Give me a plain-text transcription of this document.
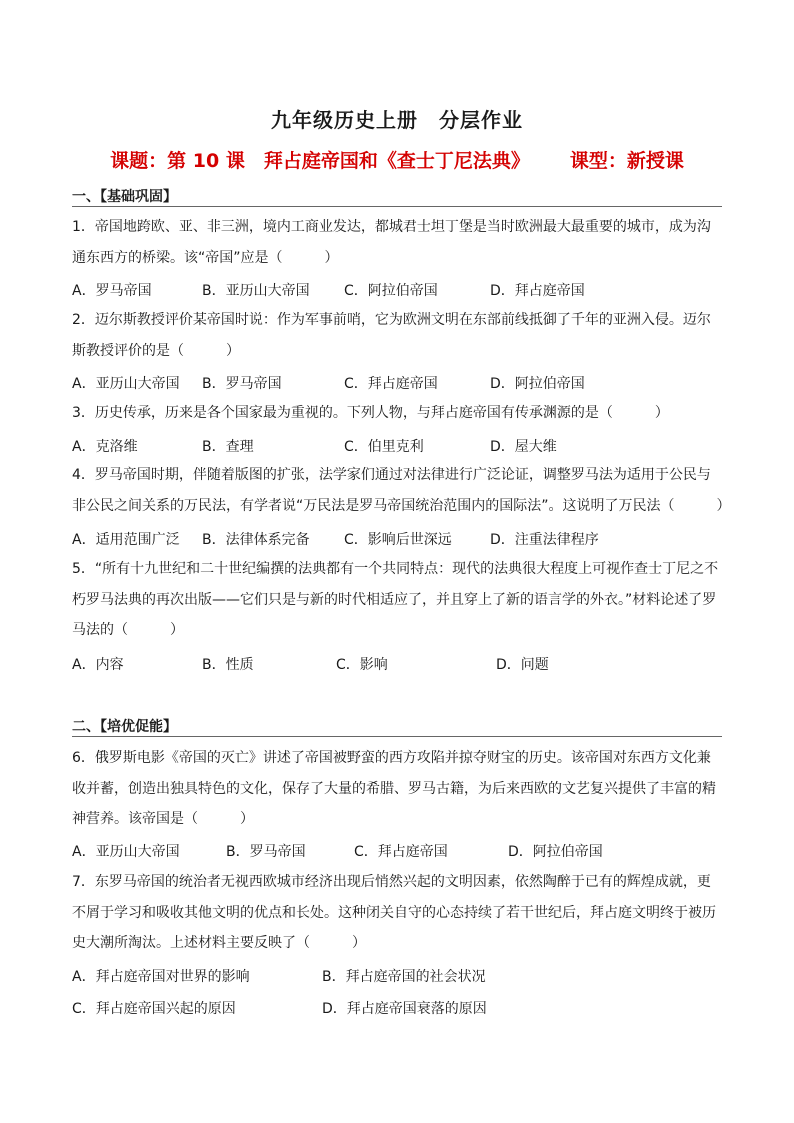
九年级历史上册　分层作业
课题：第 10 课　拜占庭帝国和《查士丁尼法典》 课型：新授课
一、【基础巩固】
1．帝国地跨欧、亚、非三洲，境内工商业发达，都城君士坦丁堡是当时欧洲最大最重要的城市，成为沟通东西方的桥梁。该“帝国”应是（　　　）
A．罗马帝国	B．亚历山大帝国 C．阿拉伯帝国	D．拜占庭帝国
2．迈尔斯教授评价某帝国时说：作为军事前哨，它为欧洲文明在东部前线抵御了千年的亚洲入侵。迈尔斯教授评价的是（　　　）
A．亚历山大帝国 B．罗马帝国	C．拜占庭帝国	D．阿拉伯帝国
3．历史传承，历来是各个国家最为重视的。下列人物，与拜占庭帝国有传承渊源的是（　　　）
A．克洛维	B．查理	C．伯里克利	D．屋大维
4．罗马帝国时期，伴随着版图的扩张，法学家们通过对法律进行广泛论证，调整罗马法为适用于公民与非公民之间关系的万民法，有学者说“万民法是罗马帝国统治范围内的国际法”。这说明了万民法（　　　）
A．适用范围广泛 B．法律体系完备 C．影响后世深远	D．注重法律程序
5．“所有十九世纪和二十世纪编撰的法典都有一个共同特点：现代的法典很大程度上可视作查士丁尼之不朽罗马法典的再次出版——它们只是与新的时代相适应了，并且穿上了新的语言学的外衣。”材料论述了罗马法的（　　　）
A．内容	B．性质	C．影响	D．问题
二、【培优促能】
6．俄罗斯电影《帝国的灭亡》讲述了帝国被野蛮的西方攻陷并掠夺财宝的历史。该帝国对东西方文化兼收并蓄，创造出独具特色的文化，保存了大量的希腊、罗马古籍，为后来西欧的文艺复兴提供了丰富的精神营养。该帝国是（　　　）
A．亚历山大帝国	B．罗马帝国	C．拜占庭帝国	D．阿拉伯帝国
7．东罗马帝国的统治者无视西欧城市经济出现后悄然兴起的文明因素，依然陶醉于已有的辉煌成就，更不屑于学习和吸收其他文明的优点和长处。这种闭关自守的心态持续了若干世纪后，拜占庭文明终于被历史大潮所淘汰。上述材料主要反映了（　　　）
A．拜占庭帝国对世界的影响	B．拜占庭帝国的社会状况
C．拜占庭帝国兴起的原因	D．拜占庭帝国衰落的原因
